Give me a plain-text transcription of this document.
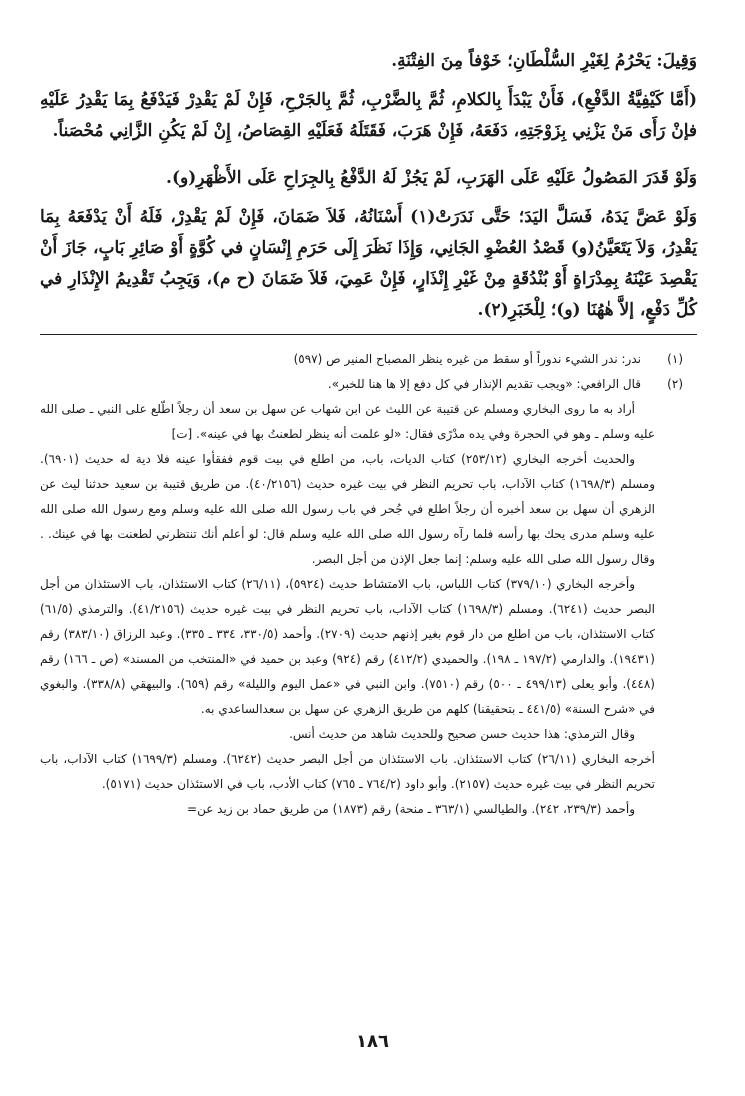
وَقِيلَ: يَحْرُمُ لِغَيْرِ السُّلْطَانِ؛ خَوْفاً مِنَ الفِتْنَةِ.

(أَمَّا كَيْفِيَّةُ الدَّفْعِ)، فَأَنْ يَبْدَأَ بِالكلامِ، ثُمَّ بِالضَّرْبِ، ثُمَّ بِالجَرْحِ، فَإِنْ لَمْ يَقْدِرْ فَيَدْفَعُ بِمَا يَقْدِرُ عَلَيْهِ فإنْ رَأَى مَنْ يَزْنِي بِزَوْجَتِهِ، دَفَعَهُ، فَإِنْ هَرَبَ، فَقَتَلَهُ فَعَلَيْهِ القِصَاصُ، إِنْ لَمْ يَكُنِ الزَّانِي مُحْصَناً.

وَلَوْ قَدَرَ المَصُولُ عَلَيْهِ عَلَى الهَرَبِ، لَمْ يَجُزْ لَهُ الدَّفْعُ بِالجِرَاحِ عَلَى الأَظْهَرِ(و).

وَلَوْ عَضَّ يَدَهُ، فَسَلَّ اليَدَ؛ حَتَّى نَدَرَتْ(١) أَسْنَانُهُ، فَلاَ ضَمَانَ، فَإِنْ لَمْ يَقْدِرْ، فَلَهُ أَنْ يَدْفَعَهُ بِمَا يَقْدِرُ، وَلاَ يَتَعَيَّنُ(و) قَصْدُ العُضْوِ الجَانِي، وَإِذَا نَظَرَ إِلَى حَرَمِ إِنْسَانٍ في كُوَّةٍ أَوْ صَائِرِ بَابٍ، جَازَ أَنْ يَقْصِدَ عَيْنَهُ بِمِدْرَاةٍ أَوْ بُنْدُقَةٍ مِنْ غَيْرِ إِنْذَارٍ، فَإِنْ عَمِيَ، فَلاَ ضَمَانَ (ح م)، وَيَجِبُ تَقْدِيمُ الإِنْذَارِ في كُلِّ دَفْعٍ، إلاَّ هٰهُنَا (و)؛ لِلْخَبَرِ(٢).

(١)
ندر: ندر الشيء ندوراً أو سقط من غيره ينظر المصباح المنير ص (٥٩٧)
(٢)
قال الرافعي: «ويجب تقديم الإنذار في كل دفع إلا ها هنا للخبر».

أراد به ما روى البخاري ومسلم عن قتيبة عن الليث عن ابن شهاب عن سهل بن سعد أن رجلاً اطّلع على النبي ـ صلى الله عليه وسلم ـ وهو في الحجرة وفي يده مدْرًى فقال: «لو علمت أنه ينظر لطعنتُ بها في عينه». [ت]

والحديث أخرجه البخاري (٢٥٣/١٢) كتاب الديات، باب، من اطلع في بيت قوم ففقأوا عينه فلا دية له حديث (٦٩٠١). ومسلم (١٦٩٨/٣) كتاب الآداب، باب تحريم النظر في بيت غيره حديث (٤٠/٢١٥٦). من طريق قتيبة بن سعيد حدثنا ليث عن الزهري أن سهل بن سعد أخبره أن رجلاً اطلع في جُحر في باب رسول الله صلى الله عليه وسلم ومع رسول الله صلى الله عليه وسلم مدرى يحك بها رأسه فلما رآه رسول الله صلى الله عليه وسلم قال: لو أعلم أنك تنتظرني لطعنت بها في عينك. . وقال رسول الله صلى الله عليه وسلم: إنما جعل الإذن من أجل البصر.

وأخرجه البخاري (٣٧٩/١٠) كتاب اللباس، باب الامتشاط حديث (٥٩٢٤)، (٢٦/١١) كتاب الاستئذان، باب الاستئذان من أجل البصر حديث (٦٢٤١). ومسلم (١٦٩٨/٣) كتاب الآداب، باب تحريم النظر في بيت غيره حديث (٤١/٢١٥٦). والترمذي (٦١/٥) كتاب الاستئذان، باب من اطلع من دار قوم بغير إذنهم حديث (٢٧٠٩). وأحمد (٣٣٠/٥، ٣٣٤ ـ ٣٣٥). وعبد الرزاق (٣٨٣/١٠) رقم (١٩٤٣١). والدارمي (١٩٧/٢ ـ ١٩٨). والحميدي (٤١٢/٢) رقم (٩٢٤) وعبد بن حميد في «المنتخب من المسند» (ص ـ ١٦٦) رقم (٤٤٨). وأبو يعلى (٤٩٩/١٣ ـ ٥٠٠) رقم (٧٥١٠). وابن النبي في «عمل اليوم والليلة» رقم (٦٥٩). والبيهقي (٣٣٨/٨). والبغوي في «شرح السنة» (٤٤١/٥ ـ بتحقيقنا) كلهم من طريق الزهري عن سهل بن سعدالساعدي به.

وقال الترمذي: هذا حديث حسن صحيح وللحديث شاهد من حديث أنس.

أخرجه البخاري (٢٦/١١) كتاب الاستئذان. باب الاستئذان من أجل البصر حديث (٦٢٤٢). ومسلم (١٦٩٩/٣) كتاب الآداب، باب تحريم النظر في بيت غيره حديث (٢١٥٧). وأبو داود (٧٦٤/٢ ـ ٧٦٥) كتاب الأدب، باب في الاستئذان حديث (٥١٧١).

وأحمد (٢٣٩/٣، ٢٤٢). والطيالسي (٣٦٣/١ ـ منحة) رقم (١٨٧٣) من طريق حماد بن زيد عن=

١٨٦
